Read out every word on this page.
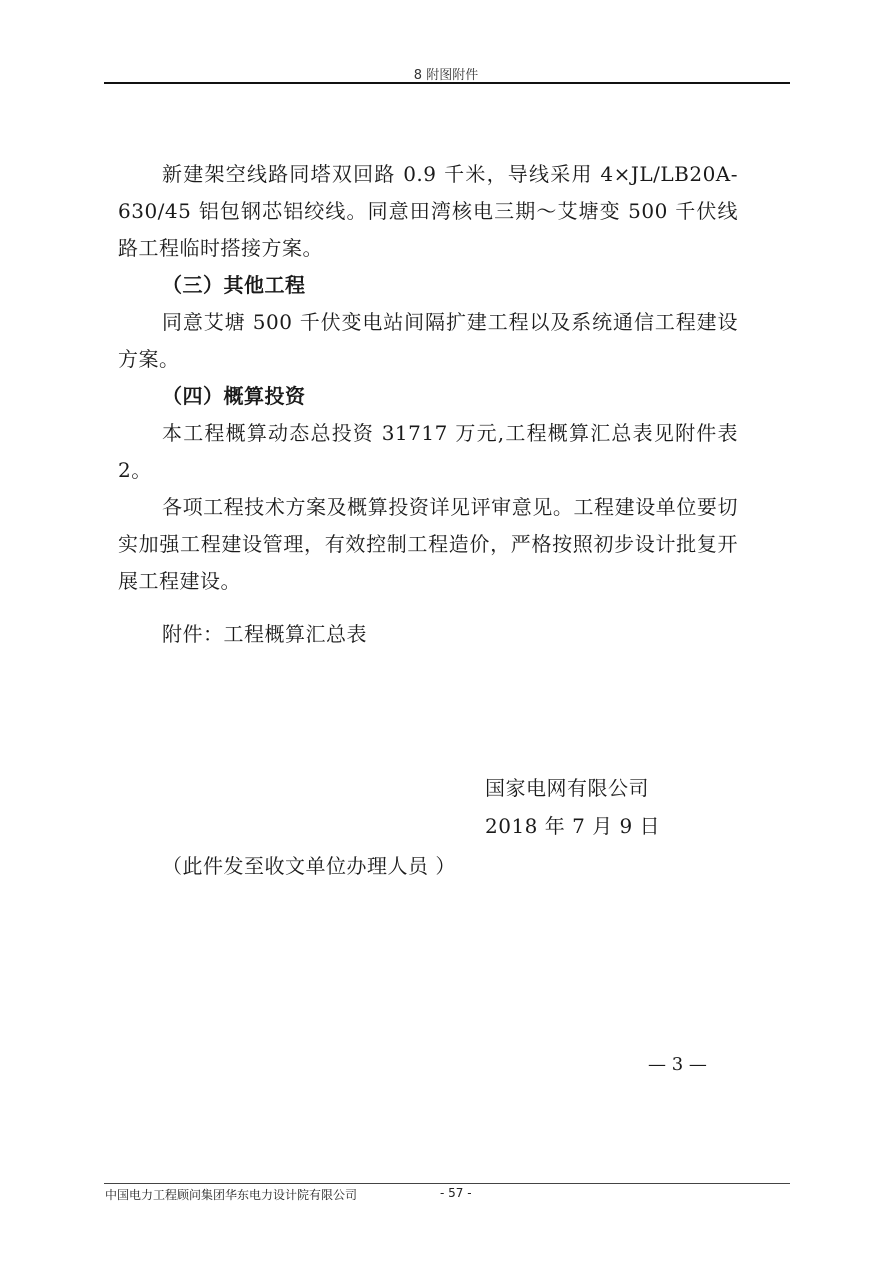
8 附图附件

新建架空线路同塔双回路 0.9 千米，导线采用 4×JL/LB20A-630/45 铝包钢芯铝绞线。同意田湾核电三期～艾塘变 500 千伏线路工程临时搭接方案。

（三）其他工程

同意艾塘 500 千伏变电站间隔扩建工程以及系统通信工程建设方案。

（四）概算投资

本工程概算动态总投资 31717 万元,工程概算汇总表见附件表2。

各项工程技术方案及概算投资详见评审意见。工程建设单位要切实加强工程建设管理，有效控制工程造价，严格按照初步设计批复开展工程建设。

附件：工程概算汇总表
国家电网有限公司
2018 年 7 月 9 日
（此件发至收文单位办理人员 ）
— 3 —
中国电力工程顾问集团华东电力设计院有限公司	- 57 -
